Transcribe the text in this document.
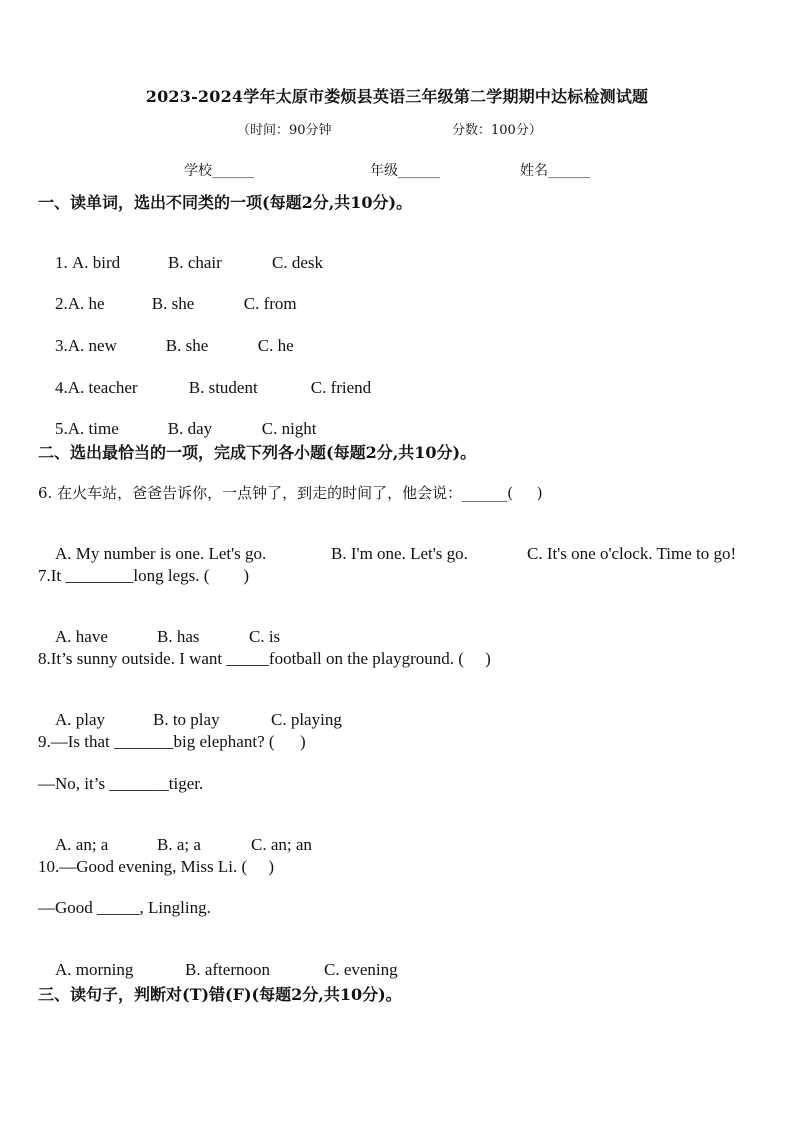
2023-2024学年太原市娄烦县英语三年级第二学期期中达标检测试题
（时间：90分钟	分数：100分）
学校______	年级______	姓名______
一、读单词，选出不同类的一项(每题2分,共10分)。

1. A. bird	B. chair	C. desk

2.A. he	B. she	C. from

3.A. new	B. she	C. he

4.A. teacher	B. student	C. friend

5.A. time	B. day	C. night

二、选出最恰当的一项，完成下列各小题(每题2分,共10分)。
6. 在火车站，爸爸告诉你，一点钟了，到走的时间了，他会说：______(     )

A. My number is one. Let's go.	B. I'm one. Let's go.	C. It's one o'clock. Time to go!

7.It ________long legs. (        )

A. have	B. has	C. is

8.It’s sunny outside. I want _____football on the playground. (     )

A. play	B. to play	C. playing

9.—Is that _______big elephant? (      )
—No, it’s _______tiger.

A. an; a	B. a; a	C. an; an

10.—Good evening, Miss Li. (     )
—Good _____, Lingling.

A. morning	B. afternoon	C. evening

三、读句子，判断对(T)错(F)(每题2分,共10分)。
